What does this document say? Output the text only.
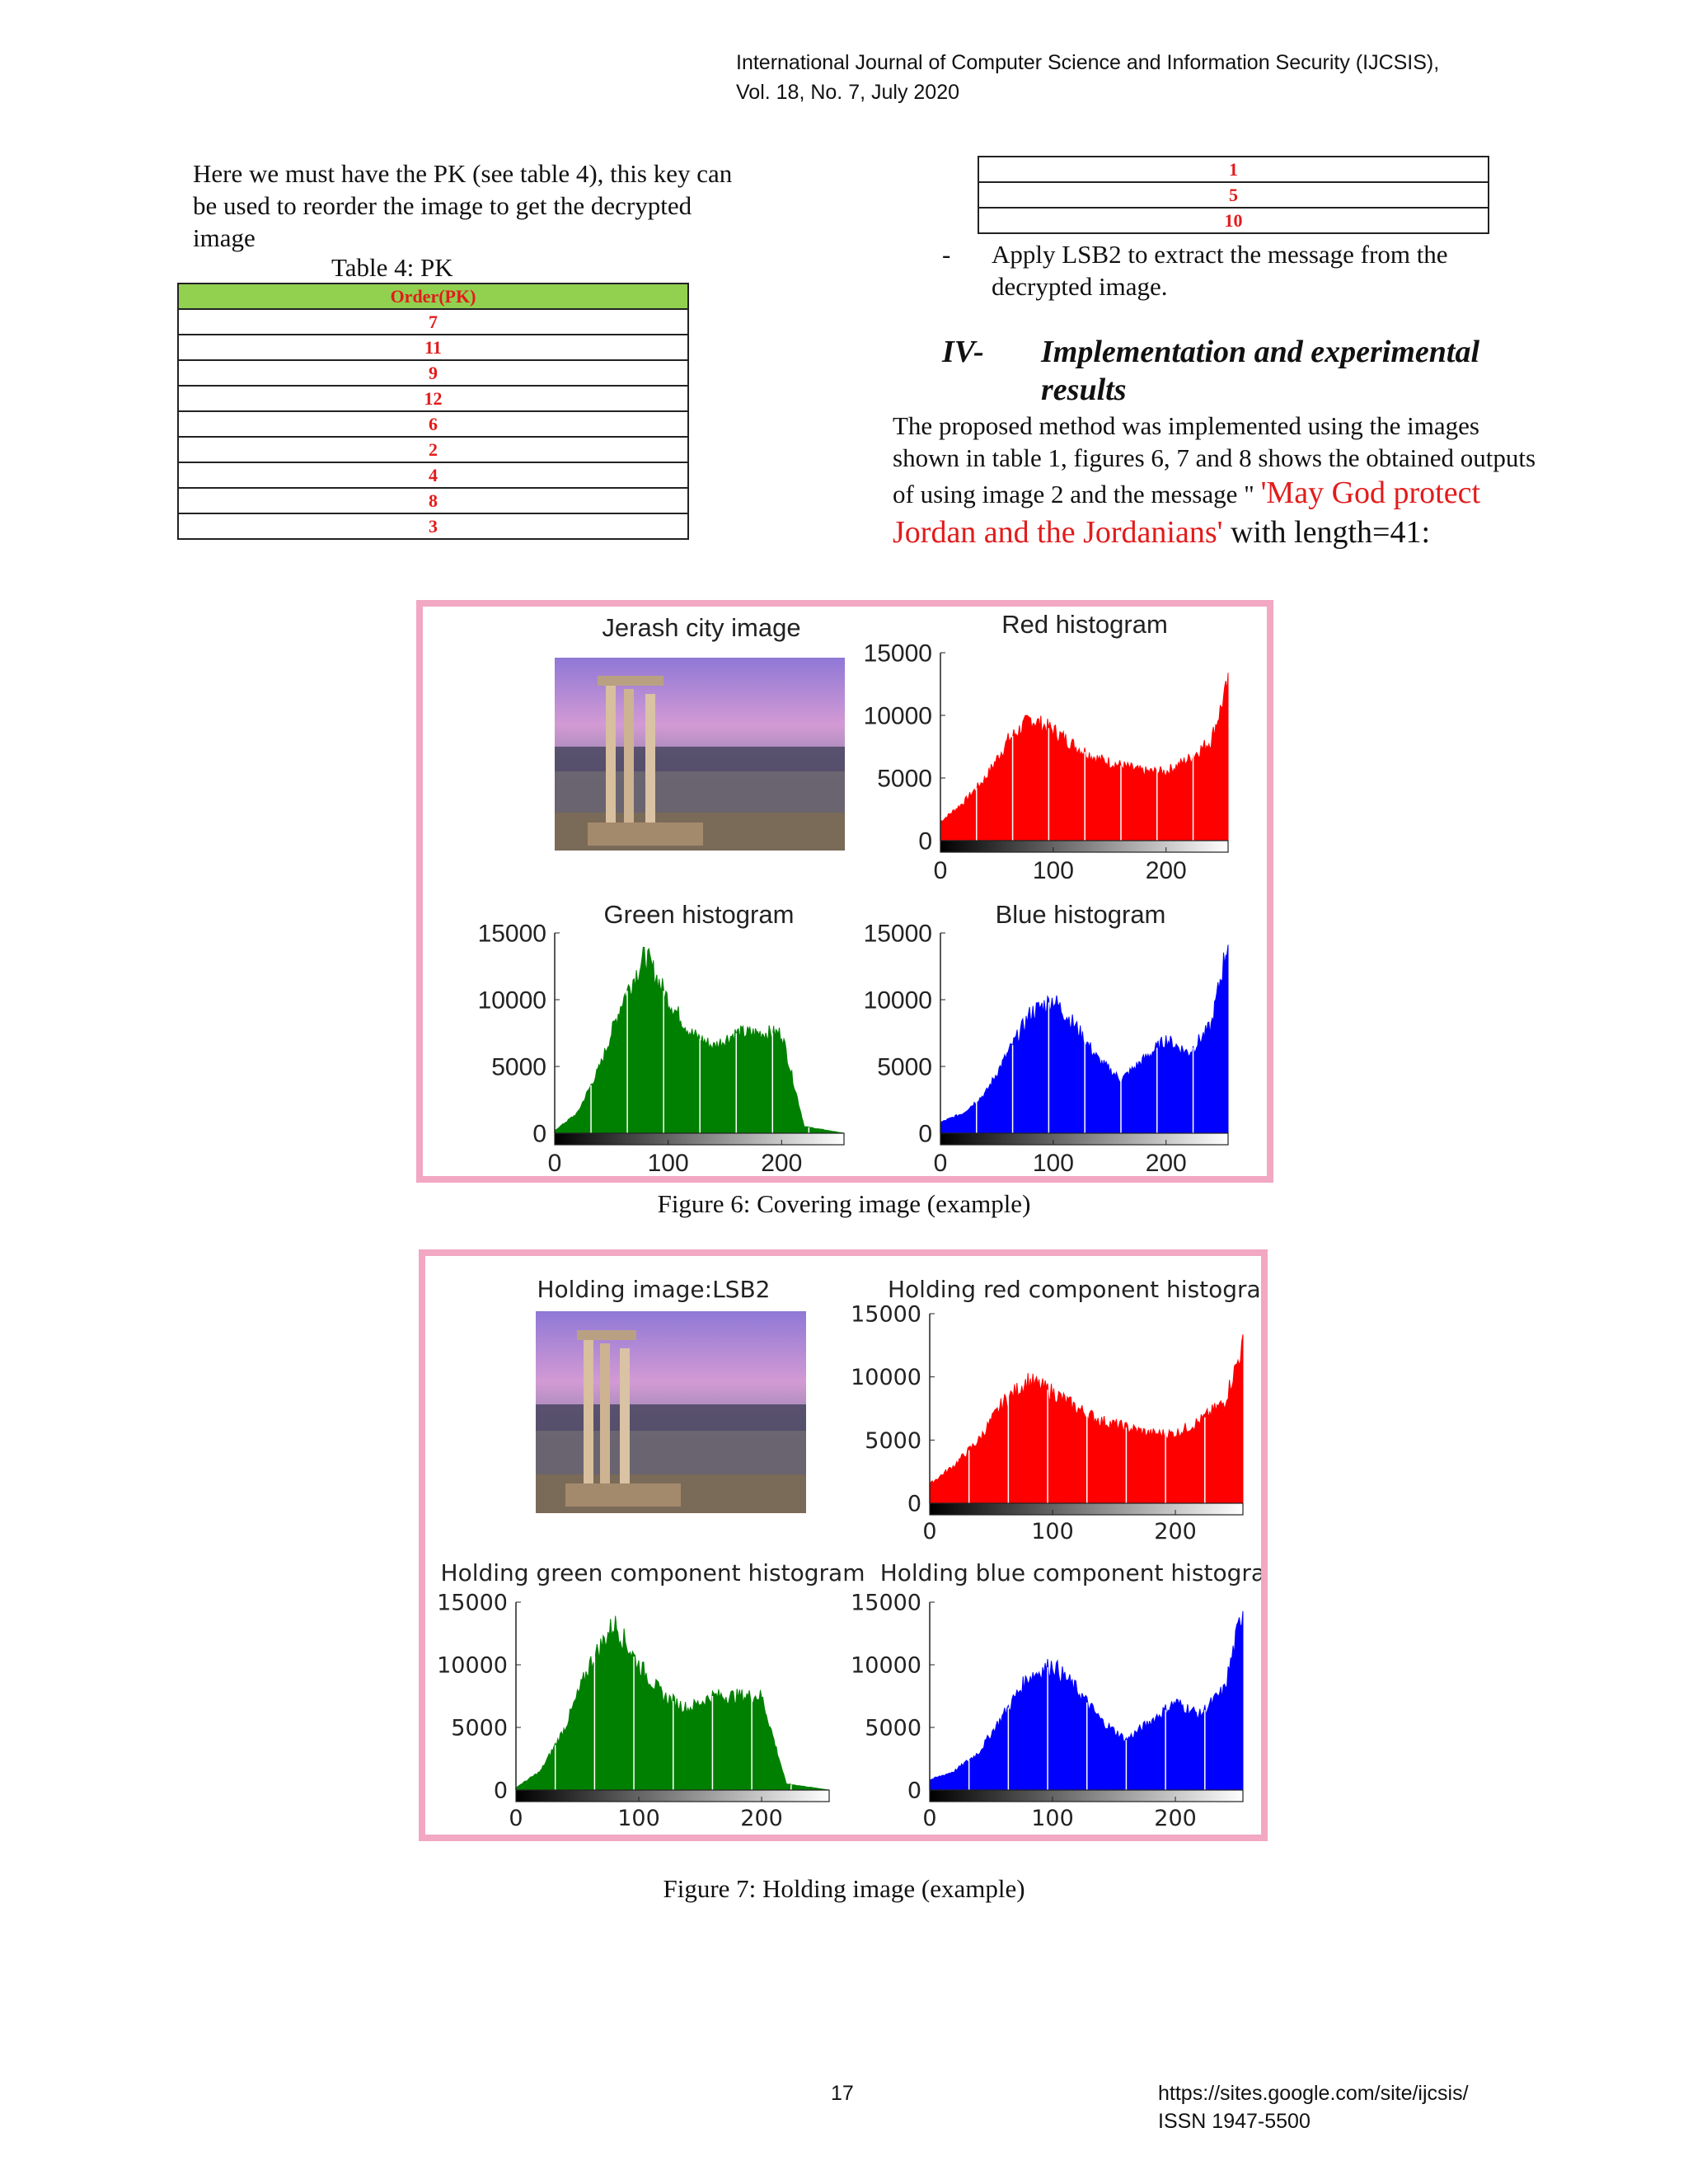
International Journal of Computer Science and Information Security (IJCSIS),
Vol. 18, No. 7, July 2020
Here we must have the PK (see table 4), this key can
be used to reorder the image to get the decrypted
image
Table 4: PK
Order(PK)
7
11
9
12
6
2
4
8
3
1
5
10
- Apply LSB2 to extract the message from the
decrypted image.
IV- Implementation and experimental
results
The proposed method was implemented using the images
shown in table 1, figures 6, 7 and 8 shows the obtained outputs
of using image 2 and the message " 'May God protect
Jordan and the Jordanians' with length=41:
Jerash city image	Red histogram
0
5000
10000
15000
0	100	200
Green histogram
0
5000
10000
15000
0	100	200
Blue histogram
0
5000
10000
15000
0	100	200
Figure 6: Covering image (example)
Holding image:LSB2	Holding red component histogram
0
5000
10000
15000
0	100	200
Holding green component histogram
0
5000
10000
15000
0	100	200
Holding blue component histogram
0
5000
10000
15000
0	100	200
Figure 7: Holding image (example)
17	https://sites.google.com/site/ijcsis/
ISSN 1947-5500
